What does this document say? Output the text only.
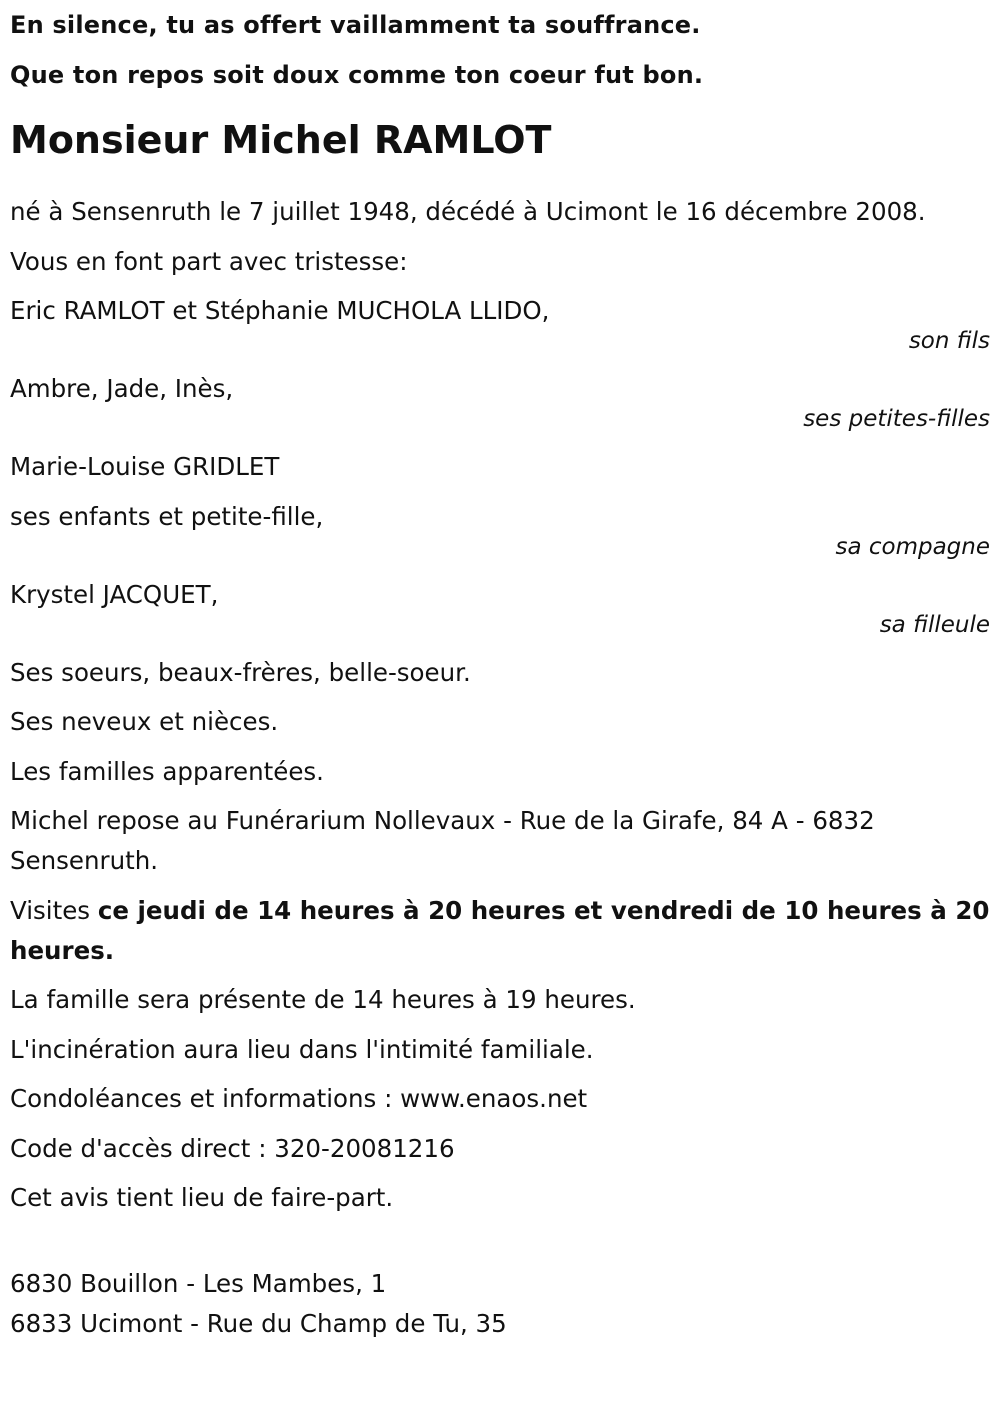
En silence, tu as offert vaillamment ta souffrance.

Que ton repos soit doux comme ton coeur fut bon.

Monsieur Michel RAMLOT

né à Sensenruth le 7 juillet 1948, décédé à Ucimont le 16 décembre 2008.

Vous en font part avec tristesse:

Eric RAMLOT et Stéphanie MUCHOLA LLIDO,

son fils

Ambre, Jade, Inès,

ses petites-filles

Marie-Louise GRIDLET

ses enfants et petite-fille,

sa compagne

Krystel JACQUET,

sa filleule

Ses soeurs, beaux-frères, belle-soeur.

Ses neveux et nièces.

Les familles apparentées.

Michel repose au Funérarium Nollevaux - Rue de la Girafe, 84 A - 6832 Sensenruth.

Visites ce jeudi de 14 heures à 20 heures et vendredi de 10 heures à 20 heures.

La famille sera présente de 14 heures à 19 heures.

L'incinération aura lieu dans l'intimité familiale.

Condoléances et informations : www.enaos.net

Code d'accès direct : 320-20081216

Cet avis tient lieu de faire-part.

6830 Bouillon - Les Mambes, 1

6833 Ucimont - Rue du Champ de Tu, 35
